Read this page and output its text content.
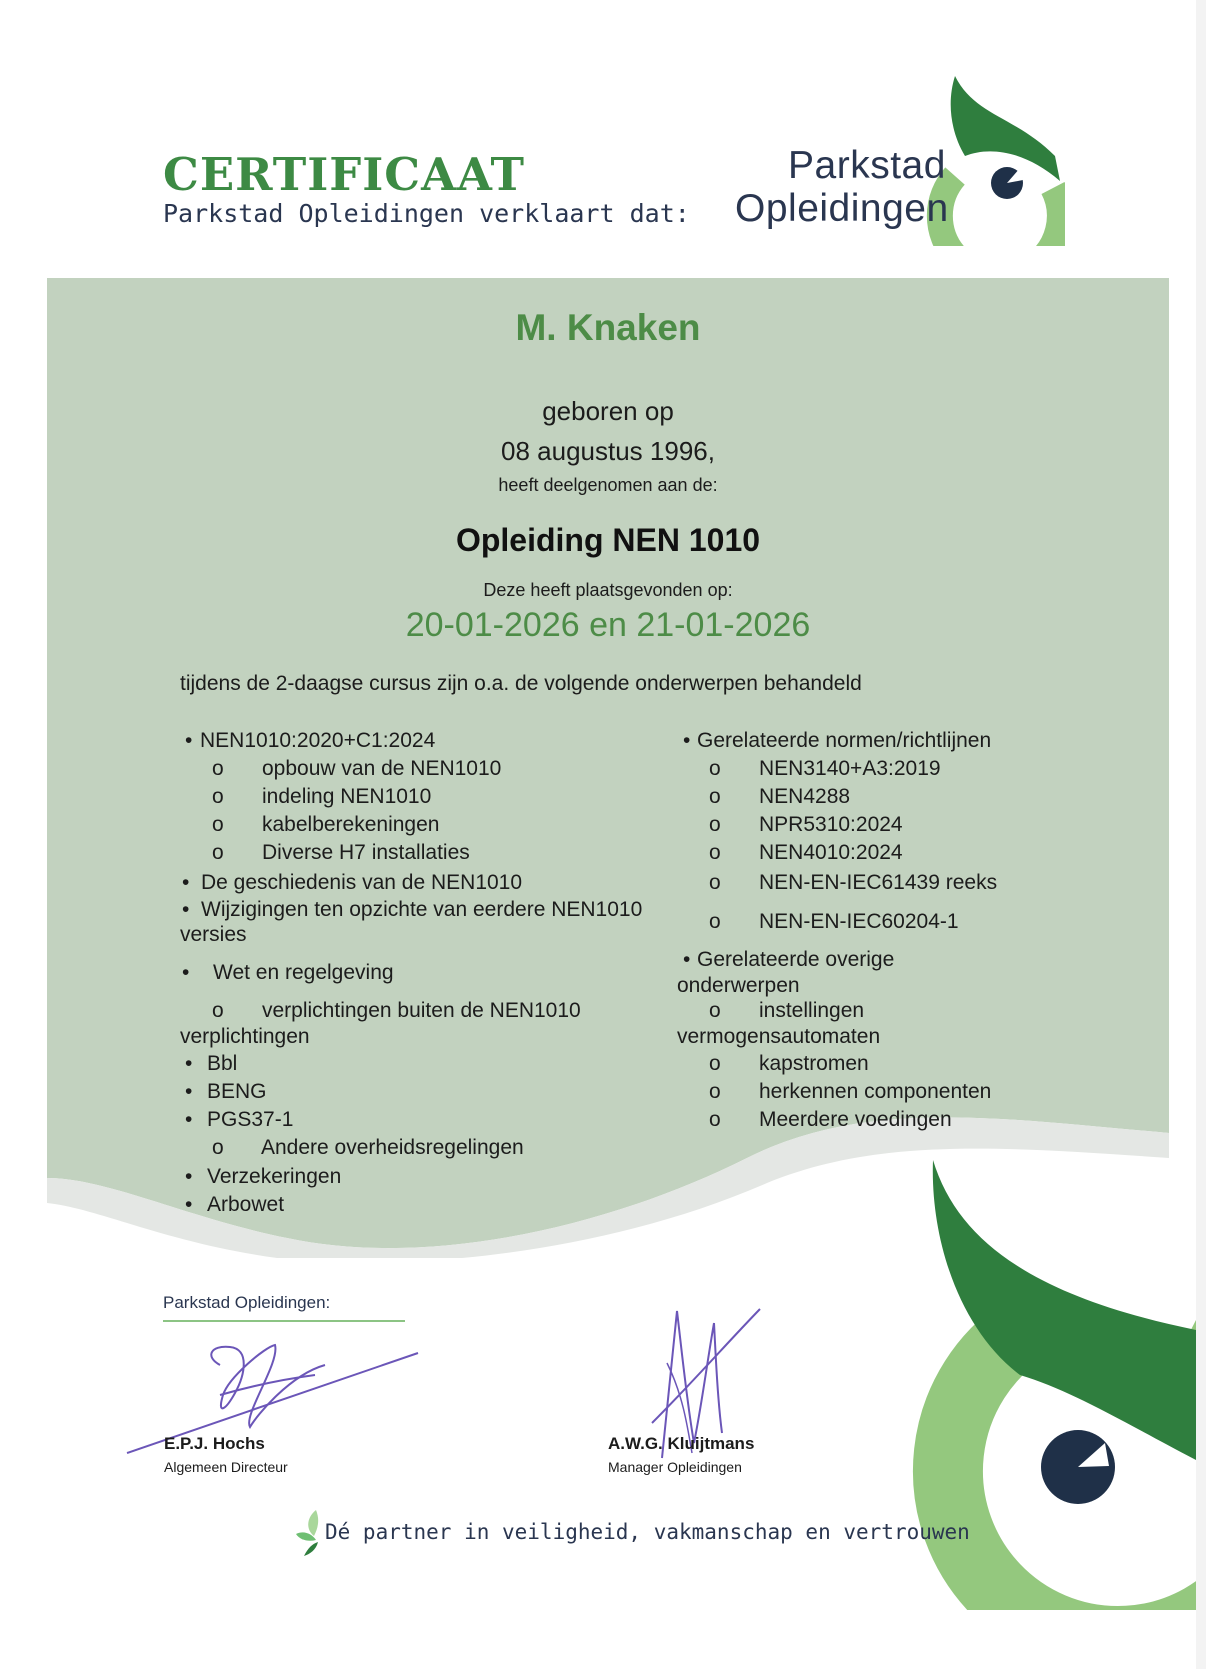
CERTIFICAAT
Parkstad Opleidingen verklaart dat:
Parkstad
Opleidingen
M. Knaken
geboren op
08 augustus 1996,
heeft deelgenomen aan de:
Opleiding NEN 1010
Deze heeft plaatsgevonden op:
20-01-2026 en 21-01-2026
tijdens de 2-daagse cursus zijn o.a. de volgende onderwerpen behandeld
• NEN1010:2020+C1:2024
o opbouw van de NEN1010
o indeling NEN1010
o kabelberekeningen
o Diverse H7 installaties
• De geschiedenis van de NEN1010
• Wijzigingen ten opzichte van eerdere NEN1010
versies
• Wet en regelgeving
o verplichtingen buiten de NEN1010
verplichtingen
• Bbl
• BENG
• PGS37-1
o Andere overheidsregelingen
• Verzekeringen
• Arbowet
• Gerelateerde normen/richtlijnen
o NEN3140+A3:2019
o NEN4288
o NPR5310:2024
o NEN4010:2024
o NEN-EN-IEC61439 reeks
o NEN-EN-IEC60204-1
• Gerelateerde overige
onderwerpen
o instellingen
vermogensautomaten
o kapstromen
o herkennen componenten
o Meerdere voedingen
Parkstad Opleidingen:
E.P.J. Hochs
Algemeen Directeur
A.W.G. Kluijtmans
Manager Opleidingen
Dé partner in veiligheid, vakmanschap en vertrouwen
